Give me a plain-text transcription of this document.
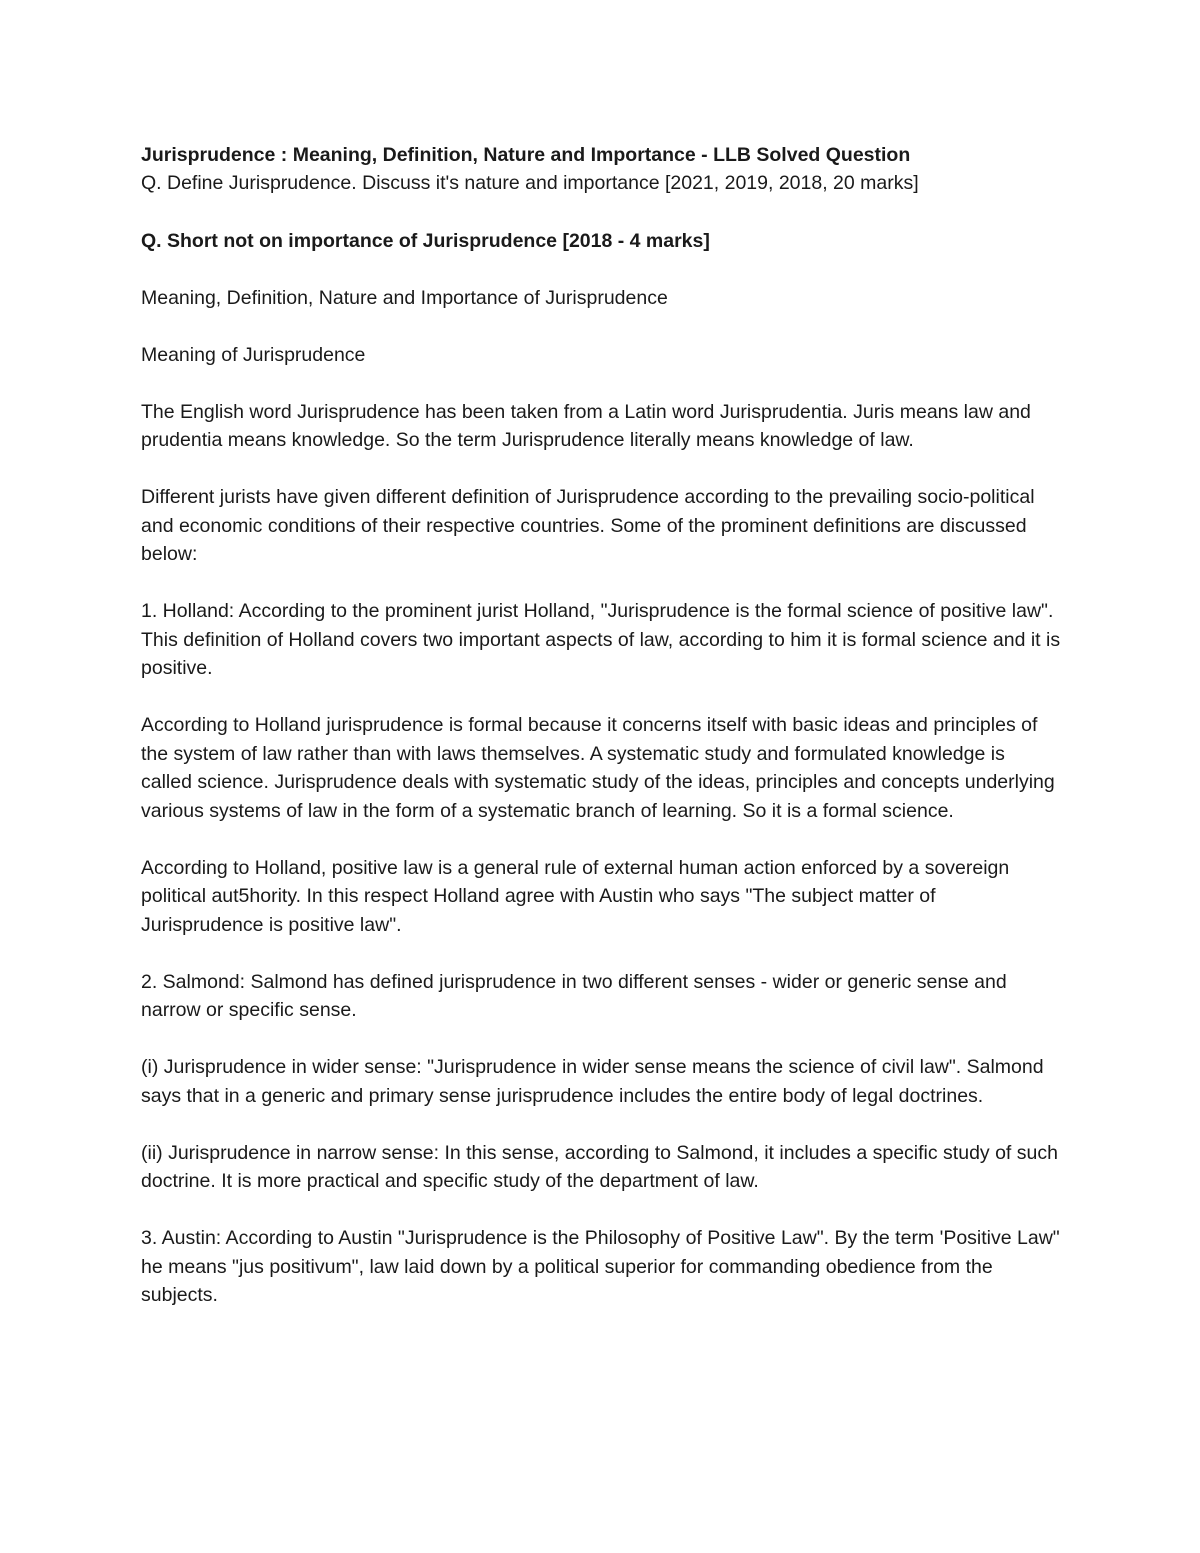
Jurisprudence : Meaning, Definition, Nature and Importance - LLB Solved Question

Q. Define Jurisprudence. Discuss it's nature and importance [2021, 2019, 2018, 20 marks]

Q. Short not on importance of Jurisprudence [2018 - 4 marks]

Meaning, Definition, Nature and Importance of Jurisprudence

Meaning of Jurisprudence

The English word Jurisprudence has been taken from a Latin word Jurisprudentia. Juris means law and prudentia means knowledge. So the term Jurisprudence literally means knowledge of law.

Different jurists have given different definition of Jurisprudence according to the prevailing socio-political and economic conditions of their respective countries. Some of the prominent definitions are discussed below:

1. Holland: According to the prominent jurist Holland, "Jurisprudence is the formal science of positive law". This definition of Holland covers two important aspects of law, according to him it is formal science and it is positive.

According to Holland jurisprudence is formal because it concerns itself with basic ideas and principles of the system of law rather than with laws themselves. A systematic study and formulated knowledge is called science. Jurisprudence deals with systematic study of the ideas, principles and concepts underlying various systems of law in the form of a systematic branch of learning. So it is a formal science.

According to Holland, positive law is a general rule of external human action enforced by a sovereign political aut5hority. In this respect Holland agree with Austin who says "The subject matter of Jurisprudence is positive law".

2. Salmond: Salmond has defined jurisprudence in two different senses - wider or generic sense and narrow or specific sense.

(i) Jurisprudence in wider sense: "Jurisprudence in wider sense means the science of civil law". Salmond says that in a generic and primary sense jurisprudence includes the entire body of legal doctrines.

(ii) Jurisprudence in narrow sense: In this sense, according to Salmond, it includes a specific study of such doctrine. It is more practical and specific study of the department of law.

3. Austin: According to Austin "Jurisprudence is the Philosophy of Positive Law". By the term 'Positive Law" he means "jus positivum", law laid down by a political superior for commanding obedience from the subjects.
